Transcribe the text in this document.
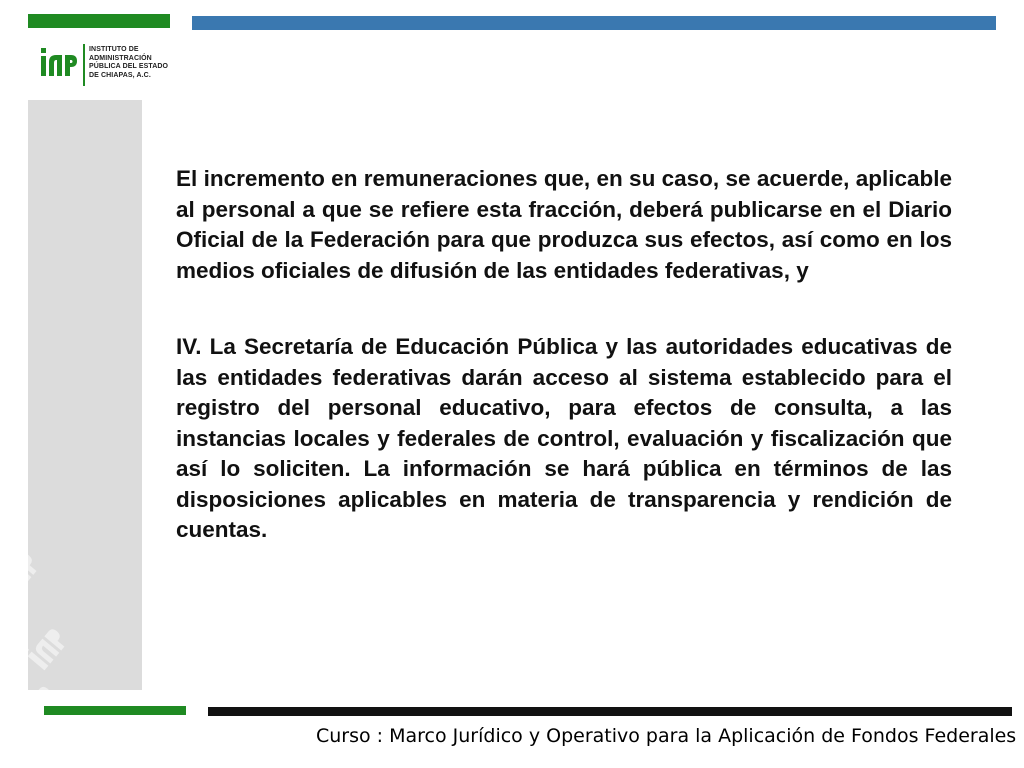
INSTITUTO DE
ADMINISTRACIÓN
PÚBLICA DEL ESTADO
DE CHIAPAS, A.C.

El incremento en remuneraciones que, en su caso, se acuerde, aplicable al personal a que se refiere esta fracción, deberá publicarse en el Diario Oficial de la Federación para que produzca sus efectos, así como en los medios oficiales de difusión de las entidades federativas, y

IV. La Secretaría de Educación Pública y las autoridades educativas de las entidades federativas darán acceso al sistema establecido para el registro del personal educativo, para efectos de consulta, a las instancias locales y federales de control, evaluación y fiscalización que así lo soliciten. La información se hará pública en términos de las disposiciones aplicables en materia de transparencia y rendición de cuentas.

Curso : Marco Jurídico y Operativo para la Aplicación de Fondos Federales
